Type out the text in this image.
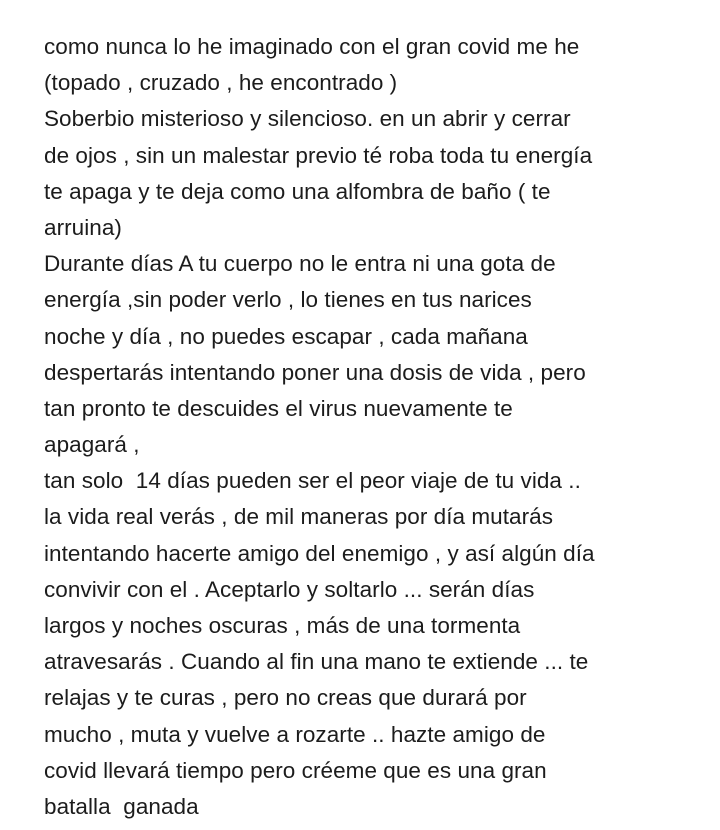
como nunca lo he imaginado con el gran covid me he
(topado , cruzado , he encontrado )
Soberbio misterioso y silencioso. en un abrir y cerrar
de ojos , sin un malestar previo té roba toda tu energía
te apaga y te deja como una alfombra de baño ( te
arruina)
Durante días A tu cuerpo no le entra ni una gota de
energía ,sin poder verlo , lo tienes en tus narices
noche y día , no puedes escapar , cada mañana
despertarás intentando poner una dosis de vida , pero
tan pronto te descuides el virus nuevamente te
apagará ,
tan solo  14 días pueden ser el peor viaje de tu vida ..
la vida real verás , de mil maneras por día mutarás
intentando hacerte amigo del enemigo , y así algún día
convivir con el . Aceptarlo y soltarlo ... serán días
largos y noches oscuras , más de una tormenta
atravesarás . Cuando al fin una mano te extiende ... te
relajas y te curas , pero no creas que durará por
mucho , muta y vuelve a rozarte .. hazte amigo de
covid llevará tiempo pero créeme que es una gran
batalla  ganada
